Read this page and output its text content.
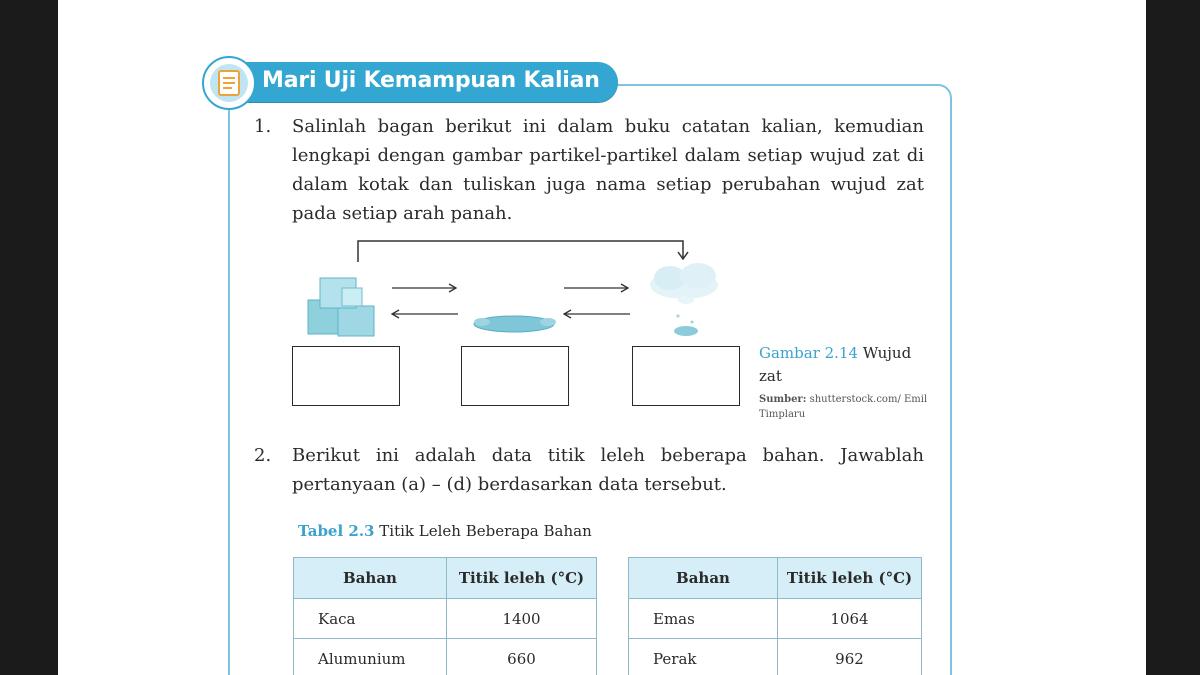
Mari Uji Kemampuan Kalian
1. Salinlah bagan berikut ini dalam buku catatan kalian, kemudian lengkapi dengan gambar partikel-partikel dalam setiap wujud zat di dalam kotak dan tuliskan juga nama setiap perubahan wujud zat pada setiap arah panah.
Gambar 2.14 Wujud zat
Sumber: shutterstock.com/ Emil Timplaru
2. Berikut ini adalah data titik leleh beberapa bahan. Jawablah pertanyaan (a) – (d) berdasarkan data tersebut.
Tabel 2.3 Titik Leleh Beberapa Bahan
Bahan	Titik leleh (°C)
Kaca	1400
Alumunium	660
Bahan	Titik leleh (°C)
Emas	1064
Perak	962
